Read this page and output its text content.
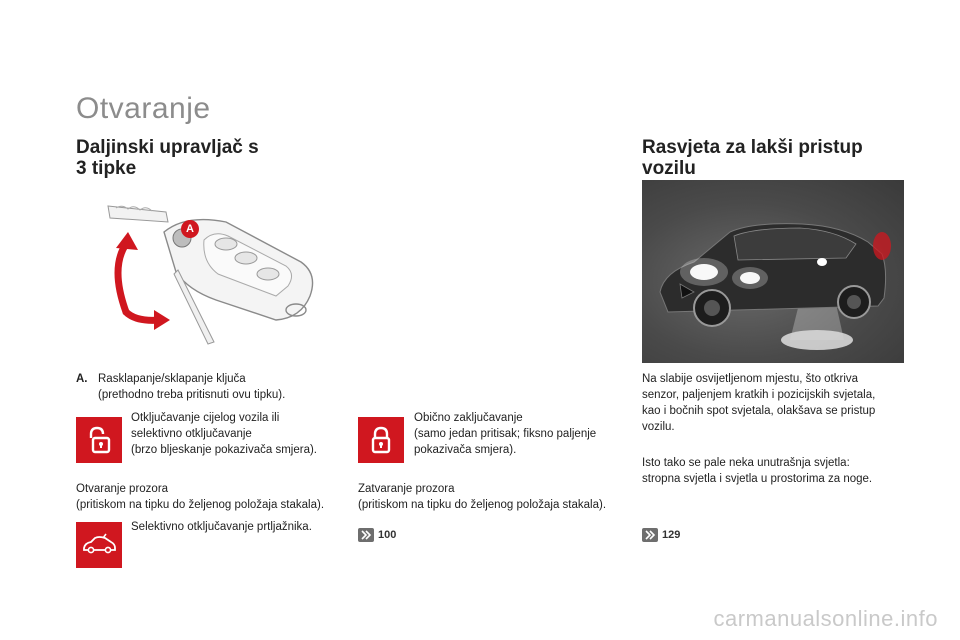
Otvaranje
Daljinski upravljač s
3 tipke
A
A. Rasklapanje/sklapanje ključa
(prethodno treba pritisnuti ovu tipku).
Otključavanje cijelog vozila ili
selektivno otključavanje
(brzo bljeskanje pokazivača smjera).
Otvaranje prozora
(pritiskom na tipku do željenog položaja stakala).
Selektivno otključavanje prtljažnika.
Obično zaključavanje
(samo jedan pritisak; fiksno paljenje
pokazivača smjera).
Zatvaranje prozora
(pritiskom na tipku do željenog položaja stakala).
100
Rasvjeta za lakši pristup
vozilu
Na slabije osvijetljenom mjestu, što otkriva
senzor, paljenjem kratkih i pozicijskih svjetala,
kao i bočnih spot svjetala, olakšava se pristup
vozilu.
Isto tako se pale neka unutrašnja svjetla:
stropna svjetla i svjetla u prostorima za noge.
129
carmanualsonline.info
